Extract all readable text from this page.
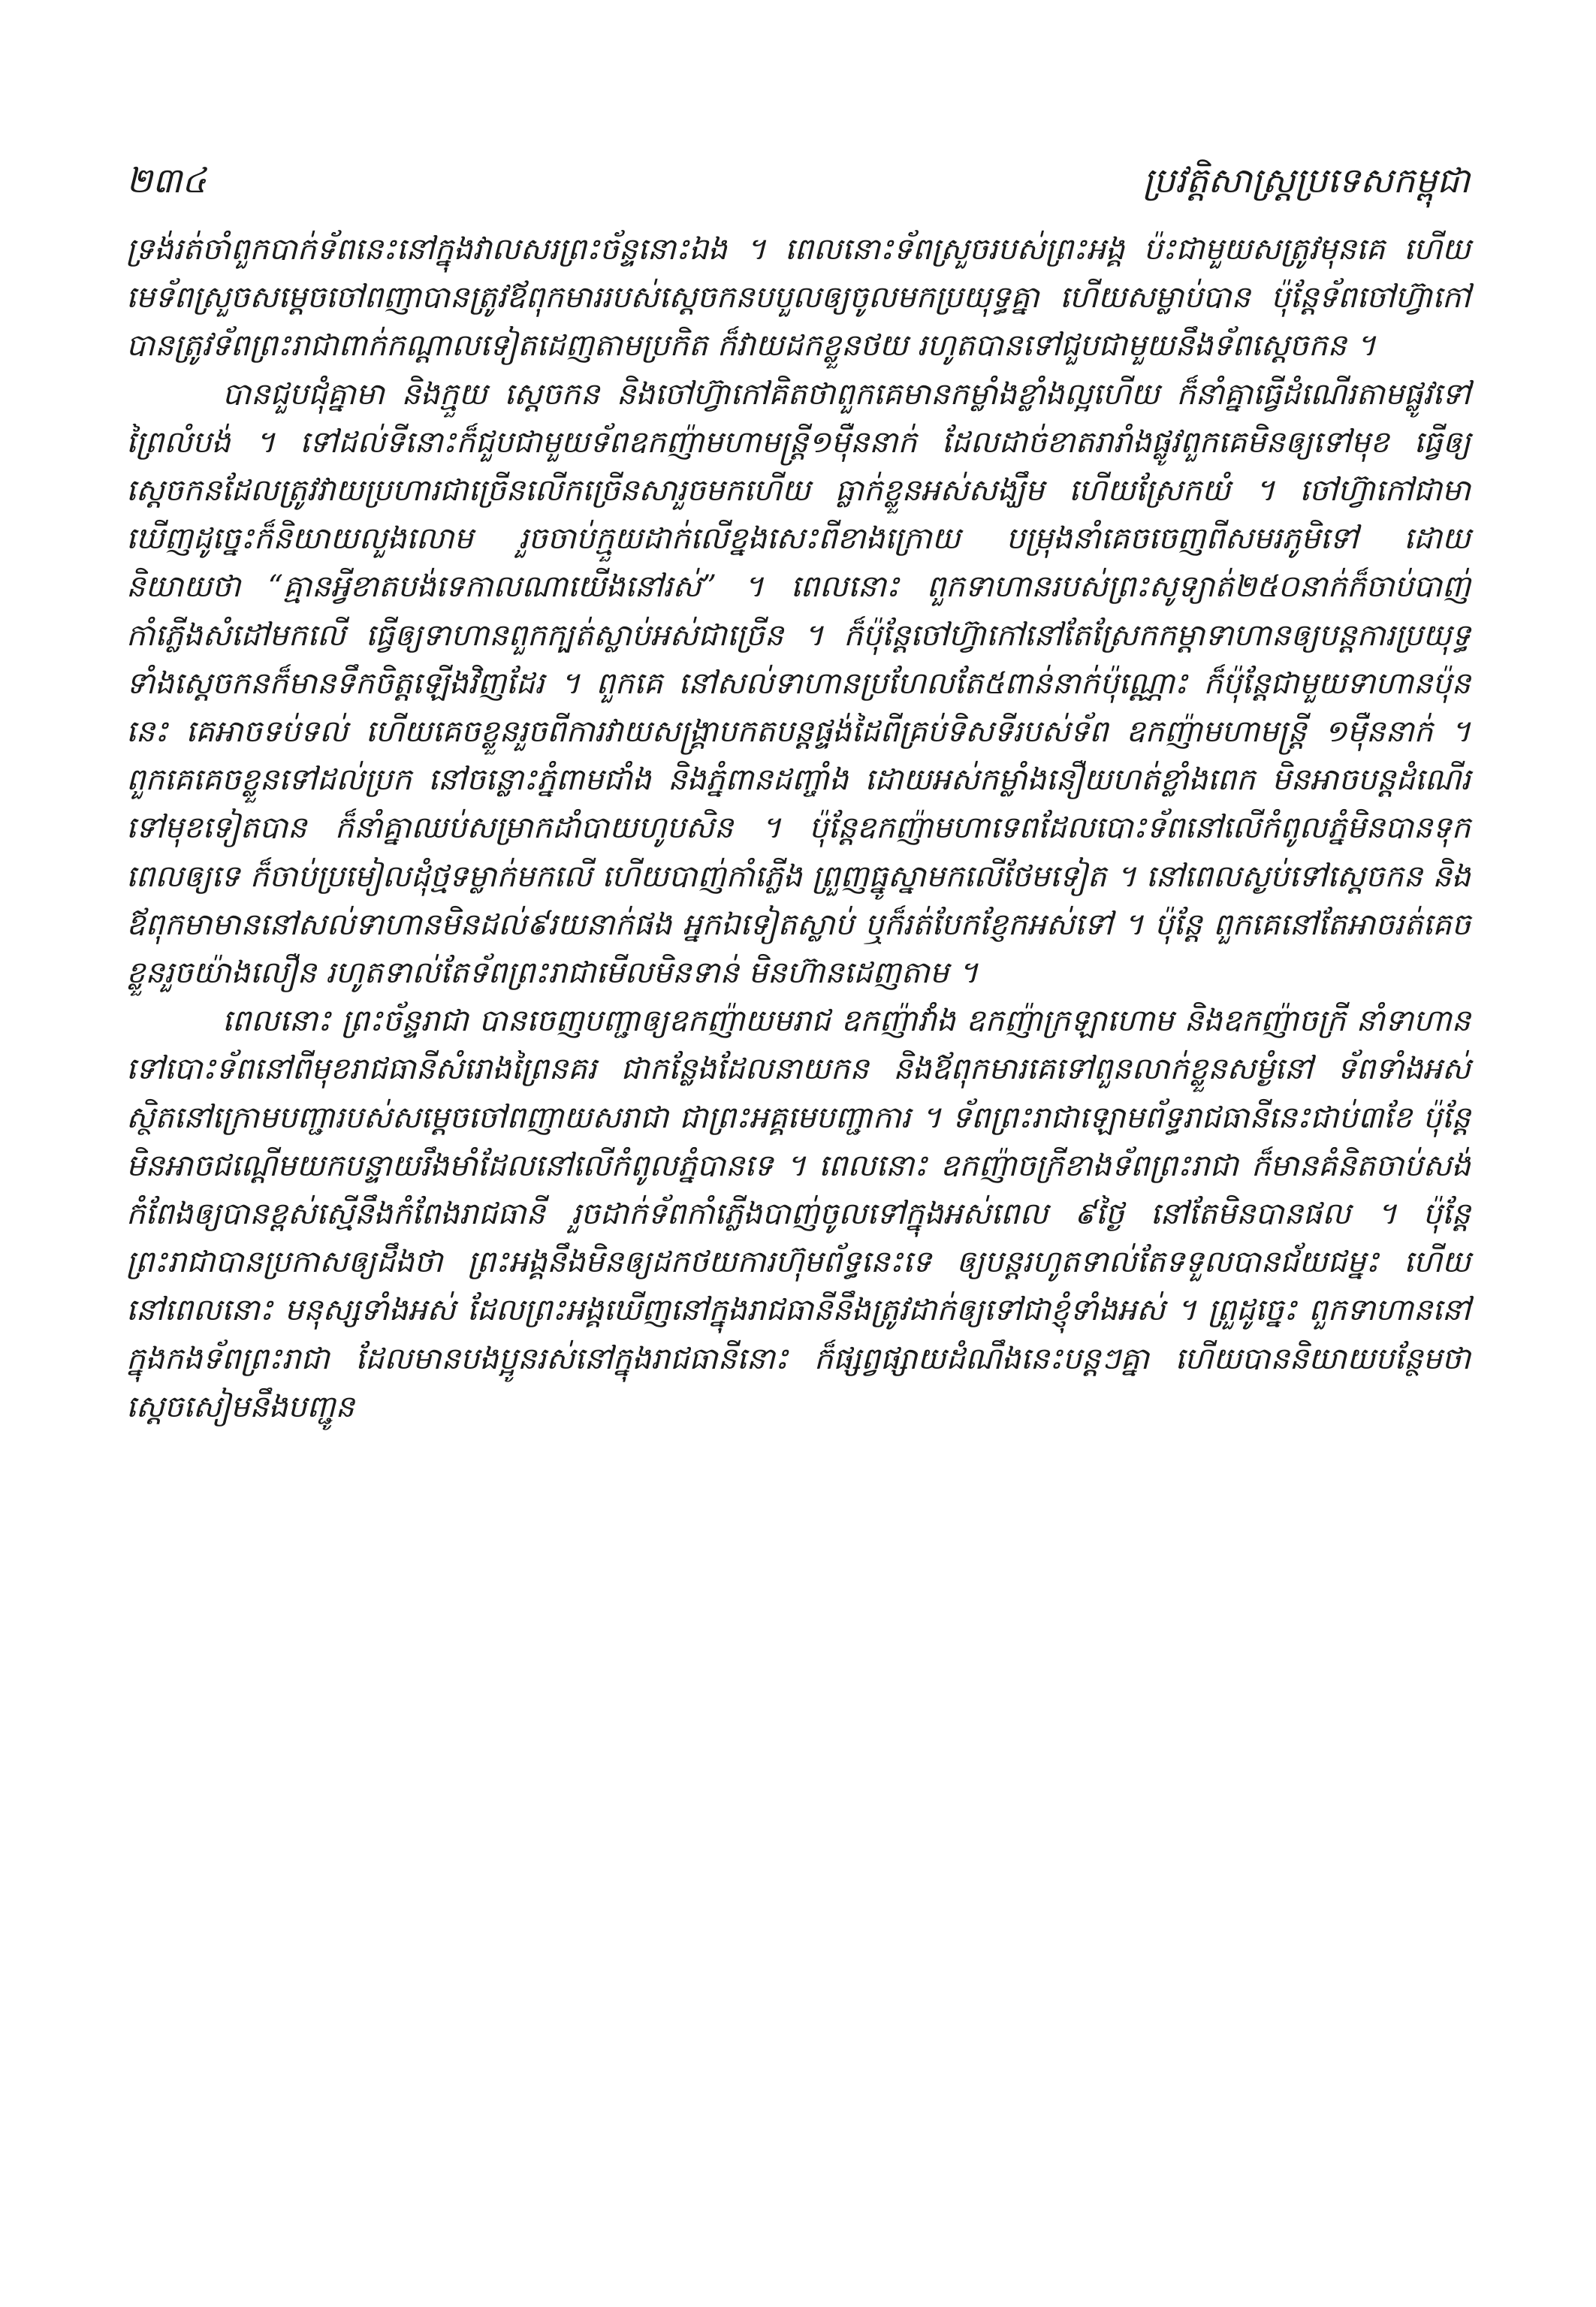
២៣៤	ប្រវត្តិសាស្ត្រប្រទេសកម្ពុជា

ទ្រង់រត់ចាំពួកបាក់ទ័ពនេះនៅក្នុងវាលសរព្រះច័ន្ទនោះឯង ។ ពេលនោះទ័ពស្រួចរបស់ព្រះអង្គ ប៉ះជាមួយសត្រូវមុនគេ ហើយមេទ័ពស្រួចសម្ដេចចៅពញាបានត្រូវឪពុកមាររបស់ស្ដេចកនបបួលឲ្យចូលមកប្រយុទ្ធគ្នា ហើយសម្លាប់បាន ប៉ុន្តែទ័ពចៅហ៊្វាកៅបានត្រូវទ័ពព្រះរាជាពាក់កណ្ដាលទៀតដេញតាមប្រកិត ក៏វាយដកខ្លួនថយ រហូតបានទៅជួបជាមួយនឹងទ័ពស្ដេចកន ។

បានជួបជុំគ្នាមា និងក្មួយ ស្ដេចកន និងចៅហ៊្វាកៅគិតថាពួកគេមានកម្លាំងខ្លាំងល្អហើយ ក៏នាំគ្នាធ្វើដំណើរតាមផ្លូវទៅព្រៃលំបង់ ។ ទៅដល់ទីនោះក៏ជួបជាមួយទ័ពឧកញ៉ាមហាមន្ត្រី១ម៉ឺននាក់ ដែលដាច់ខាតរារាំងផ្លូវពួកគេមិនឲ្យទៅមុខ ធ្វើឲ្យស្ដេចកនដែលត្រូវវាយប្រហារជាច្រើនលើកច្រើនសារួចមកហើយ ធ្លាក់ខ្លួនអស់សង្ឃឹម ហើយស្រែកយំ ។ ចៅហ៊្វាកៅជាមាឃើញដូច្នេះក៏និយាយលួងលោម រួចចាប់ក្មួយដាក់លើខ្នងសេះពីខាងក្រោយ បម្រុងនាំគេចចេញពីសមរភូមិទៅ ដោយនិយាយថា “គ្មានអ្វីខាតបង់ទេកាលណាយើងនៅរស់” ។ ពេលនោះ ពួកទាហានរបស់ព្រះសូទ្យាត់២៥០នាក់ក៏ចាប់បាញ់កាំភ្លើងសំដៅមកលើ ធ្វើឲ្យទាហានពួកក្បត់ស្លាប់អស់ជាច្រើន ។ ក៏ប៉ុន្តែចៅហ៊្វាកៅនៅតែស្រែកកម្ដាទាហានឲ្យបន្តការប្រយុទ្ធ ទាំងស្ដេចកនក៏មានទឹកចិត្តឡើងវិញដែរ ។ ពួកគេ នៅសល់ទាហានប្រហែលតែ៥ពាន់នាក់ប៉ុណ្ណោះ ក៏ប៉ុន្តែជាមួយទាហានប៉ុននេះ គេអាចទប់ទល់ ហើយគេចខ្លួនរួចពីការវាយសង្គ្រាបកតបន្តផ្ទង់ដៃពីគ្រប់ទិសទីរបស់ទ័ព ឧកញ៉ាមហាមន្ត្រី ១ម៉ឺននាក់ ។ ពួកគេគេចខ្លួនទៅដល់ប្រក នៅចន្លោះភ្នំពាមជាំង និងភ្នំពានដញ្ចាំង ដោយអស់កម្លាំងនឿយហត់ខ្លាំងពេក មិនអាចបន្តដំណើរទៅមុខទៀតបាន ក៏នាំគ្នាឈប់សម្រាកដាំបាយហូបសិន ។ ប៉ុន្តែឧកញ៉ាមហាទេពដែលបោះទ័ពនៅលើកំពូលភ្នំមិនបានទុកពេលឲ្យទេ ក៏ចាប់ប្រមៀលដុំថ្មទម្លាក់មកលើ ហើយបាញ់កាំភ្លើង ព្រួញធ្នូស្នាមកលើថែមទៀត ។ នៅពេលស្ងប់ទៅស្ដេចកន និងឪពុកមាមាននៅសល់ទាហានមិនដល់៩រយនាក់ផង អ្នកឯទៀតស្លាប់ ឬក៏រត់បែកខ្ញែកអស់ទៅ ។ ប៉ុន្តែ ពួកគេនៅតែអាចរត់គេចខ្លួនរួចយ៉ាងលឿន រហូតទាល់តែទ័ពព្រះរាជាមើលមិនទាន់ មិនហ៊ានដេញតាម ។

ពេលនោះ ព្រះច័ន្ទរាជា បានចេញបញ្ជាឲ្យឧកញ៉ាយមរាជ ឧកញ៉ាវាំង ឧកញ៉ាក្រឡាហោម និងឧកញ៉ាចក្រី នាំទាហានទៅបោះទ័ពនៅពីមុខរាជធានីសំរោងព្រៃនគរ ជាកន្លែងដែលនាយកន និងឪពុកមារគេទៅពួនលាក់ខ្លួនសម្ងំនៅ ទ័ពទាំងអស់ស្ថិតនៅក្រោមបញ្ជារបស់សម្ដេចចៅពញាយសរាជា ជាព្រះអគ្គមេបញ្ជាការ ។ ទ័ពព្រះរាជាឡោមព័ទ្ធរាជធានីនេះជាប់៣ខែ ប៉ុន្តែមិនអាចជណ្ដើមយកបន្ទាយរឹងមាំដែលនៅលើកំពូលភ្នំបានទេ ។ ពេលនោះ ឧកញ៉ាចក្រីខាងទ័ពព្រះរាជា ក៏មានគំនិតចាប់សង់កំពែងឲ្យបានខ្ពស់ស្មើនឹងកំពែងរាជធានី រួចដាក់ទ័ពកាំភ្លើងបាញ់ចូលទៅក្នុងអស់ពេល ៩ថ្ងៃ នៅតែមិនបានផល ។ ប៉ុន្តែ ព្រះរាជាបានប្រកាសឲ្យដឹងថា ព្រះអង្គនឹងមិនឲ្យដកថយការហ៊ុមព័ទ្ធនេះទេ ឲ្យបន្តរហូតទាល់តែទទួលបានជ័យជម្នះ ហើយនៅពេលនោះ មនុស្សទាំងអស់ ដែលព្រះអង្គឃើញនៅក្នុងរាជធានីនឹងត្រូវដាក់ឲ្យទៅជាខ្ញុំទាំងអស់ ។ ព្រួដូច្នេះ ពួកទាហាននៅក្នុងកងទ័ពព្រះរាជា ដែលមានបងប្អូនរស់នៅក្នុងរាជធានីនោះ ក៏ផ្សព្វផ្សាយដំណឹងនេះបន្តៗគ្នា ហើយបាននិយាយបន្ថែមថា ស្ដេចសៀមនឹងបញ្ជូន
